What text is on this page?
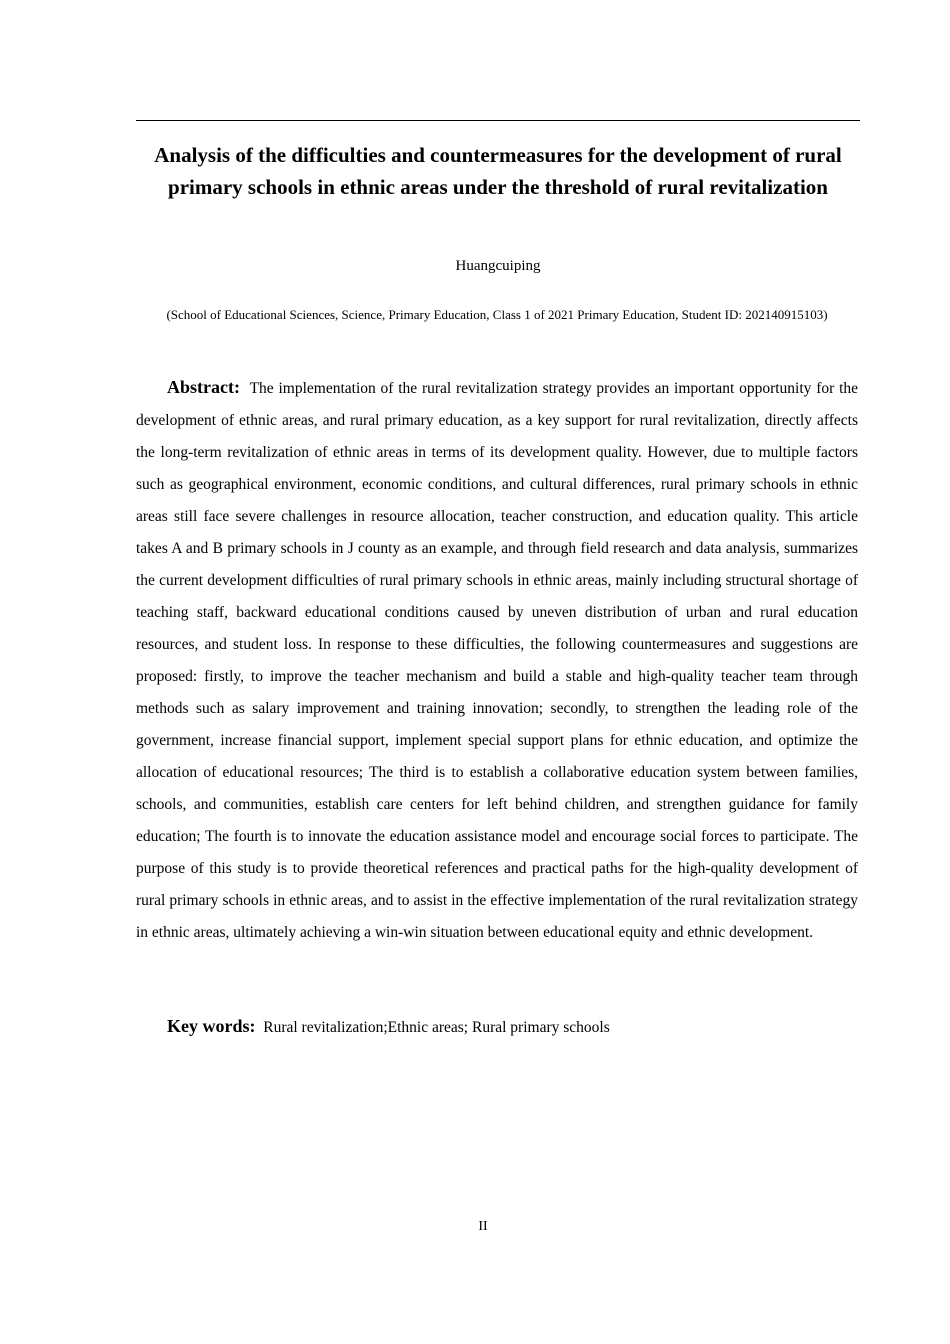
Analysis of the difficulties and countermeasures for the development of rural primary schools in ethnic areas under the threshold of rural revitalization
Huangcuiping
(School of Educational Sciences, Science, Primary Education, Class 1 of 2021 Primary Education, Student ID: 202140915103)

Abstract: The implementation of the rural revitalization strategy provides an important opportunity for the development of ethnic areas, and rural primary education, as a key support for rural revitalization, directly affects the long-term revitalization of ethnic areas in terms of its development quality. However, due to multiple factors such as geographical environment, economic conditions, and cultural differences, rural primary schools in ethnic areas still face severe challenges in resource allocation, teacher construction, and education quality. This article takes A and B primary schools in J county as an example, and through field research and data analysis, summarizes the current development difficulties of rural primary schools in ethnic areas, mainly including structural shortage of teaching staff, backward educational conditions caused by uneven distribution of urban and rural education resources, and student loss. In response to these difficulties, the following countermeasures and suggestions are proposed: firstly, to improve the teacher mechanism and build a stable and high-quality teacher team through methods such as salary improvement and training innovation; secondly, to strengthen the leading role of the government, increase financial support, implement special support plans for ethnic education, and optimize the allocation of educational resources; The third is to establish a collaborative education system between families, schools, and communities, establish care centers for left behind children, and strengthen guidance for family education; The fourth is to innovate the education assistance model and encourage social forces to participate. The purpose of this study is to provide theoretical references and practical paths for the high-quality development of rural primary schools in ethnic areas, and to assist in the effective implementation of the rural revitalization strategy in ethnic areas, ultimately achieving a win-win situation between educational equity and ethnic development.

Key words: Rural revitalization;Ethnic areas; Rural primary schools

II
